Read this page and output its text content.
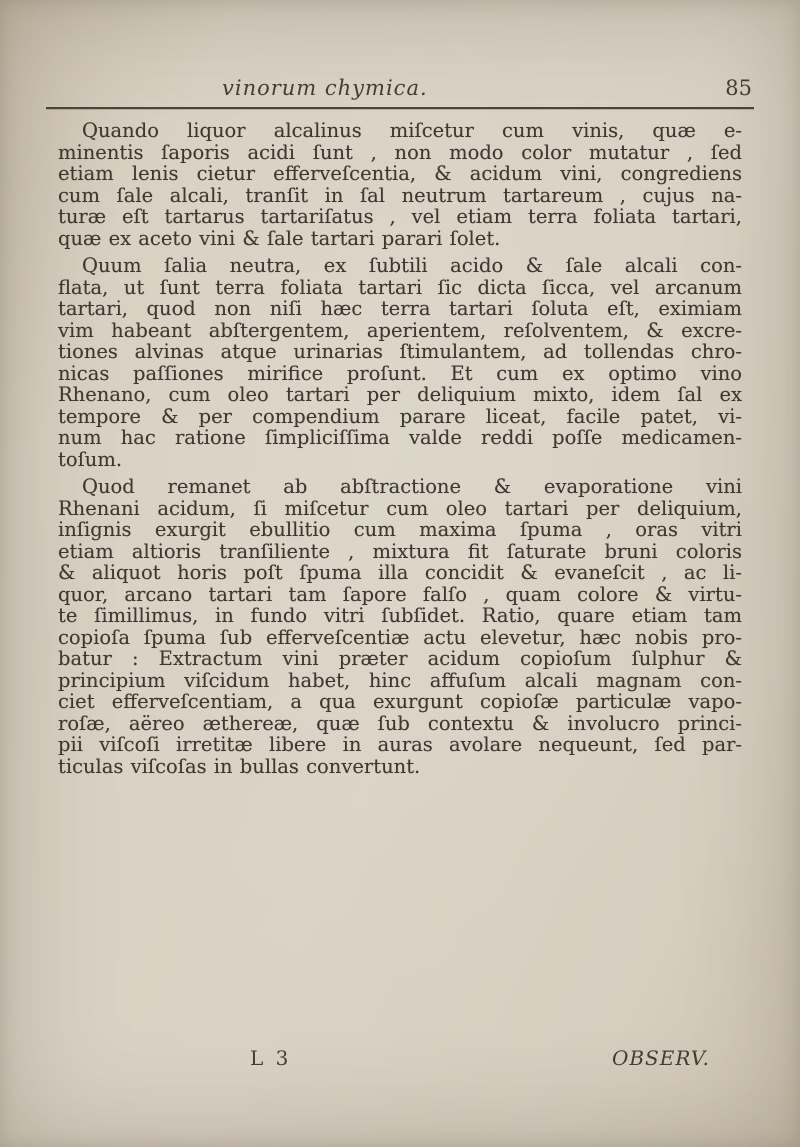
vinorum chymica.	85

Quando liquor alcalinus miſcetur cum vinis, quæ e-
minentis ſaporis acidi ſunt , non modo color mutatur , ſed
etiam lenis cietur efferveſcentia, & acidum vini, congrediens
cum ſale alcali, tranſit in ſal neutrum tartareum , cujus na-
turæ eſt tartarus tartariſatus , vel etiam terra foliata tartari,
quæ ex aceto vini & ſale tartari parari ſolet.

Quum ſalia neutra, ex ſubtili acido & ſale alcali con-
flata, ut ſunt terra foliata tartari ſic dicta ſicca, vel arcanum
tartari, quod non niſi hæc terra tartari ſoluta eſt, eximiam
vim habeant abſtergentem, aperientem, reſolventem, & excre-
tiones alvinas atque urinarias ſtimulantem, ad tollendas chro-
nicas paſſiones mirifice proſunt. Et cum ex optimo vino
Rhenano, cum oleo tartari per deliquium mixto, idem ſal ex
tempore & per compendium parare liceat, facile patet, vi-
num hac ratione ſimpliciſſima valde reddi poſſe medicamen-
toſum.

Quod remanet ab abſtractione & evaporatione vini
Rhenani acidum, ſi miſcetur cum oleo tartari per deliquium,
inſignis exurgit ebullitio cum maxima ſpuma , oras vitri
etiam altioris tranſiliente , mixtura fit ſaturate bruni coloris
& aliquot horis poſt ſpuma illa concidit & evaneſcit , ac li-
quor, arcano tartari tam ſapore falſo , quam colore & virtu-
te ſimillimus, in fundo vitri ſubſidet. Ratio, quare etiam tam
copioſa ſpuma ſub efferveſcentiæ actu elevetur, hæc nobis pro-
batur : Extractum vini præter acidum copioſum ſulphur &
principium viſcidum habet, hinc affuſum alcali magnam con-
ciet efferveſcentiam, a qua exurgunt copioſæ particulæ vapo-
roſæ, aëreo æthereæ, quæ ſub contextu & involucro princi-
pii viſcoſi irretitæ libere in auras avolare nequeunt, ſed par-
ticulas viſcoſas in bullas convertunt.

L 3	OBSERV.
